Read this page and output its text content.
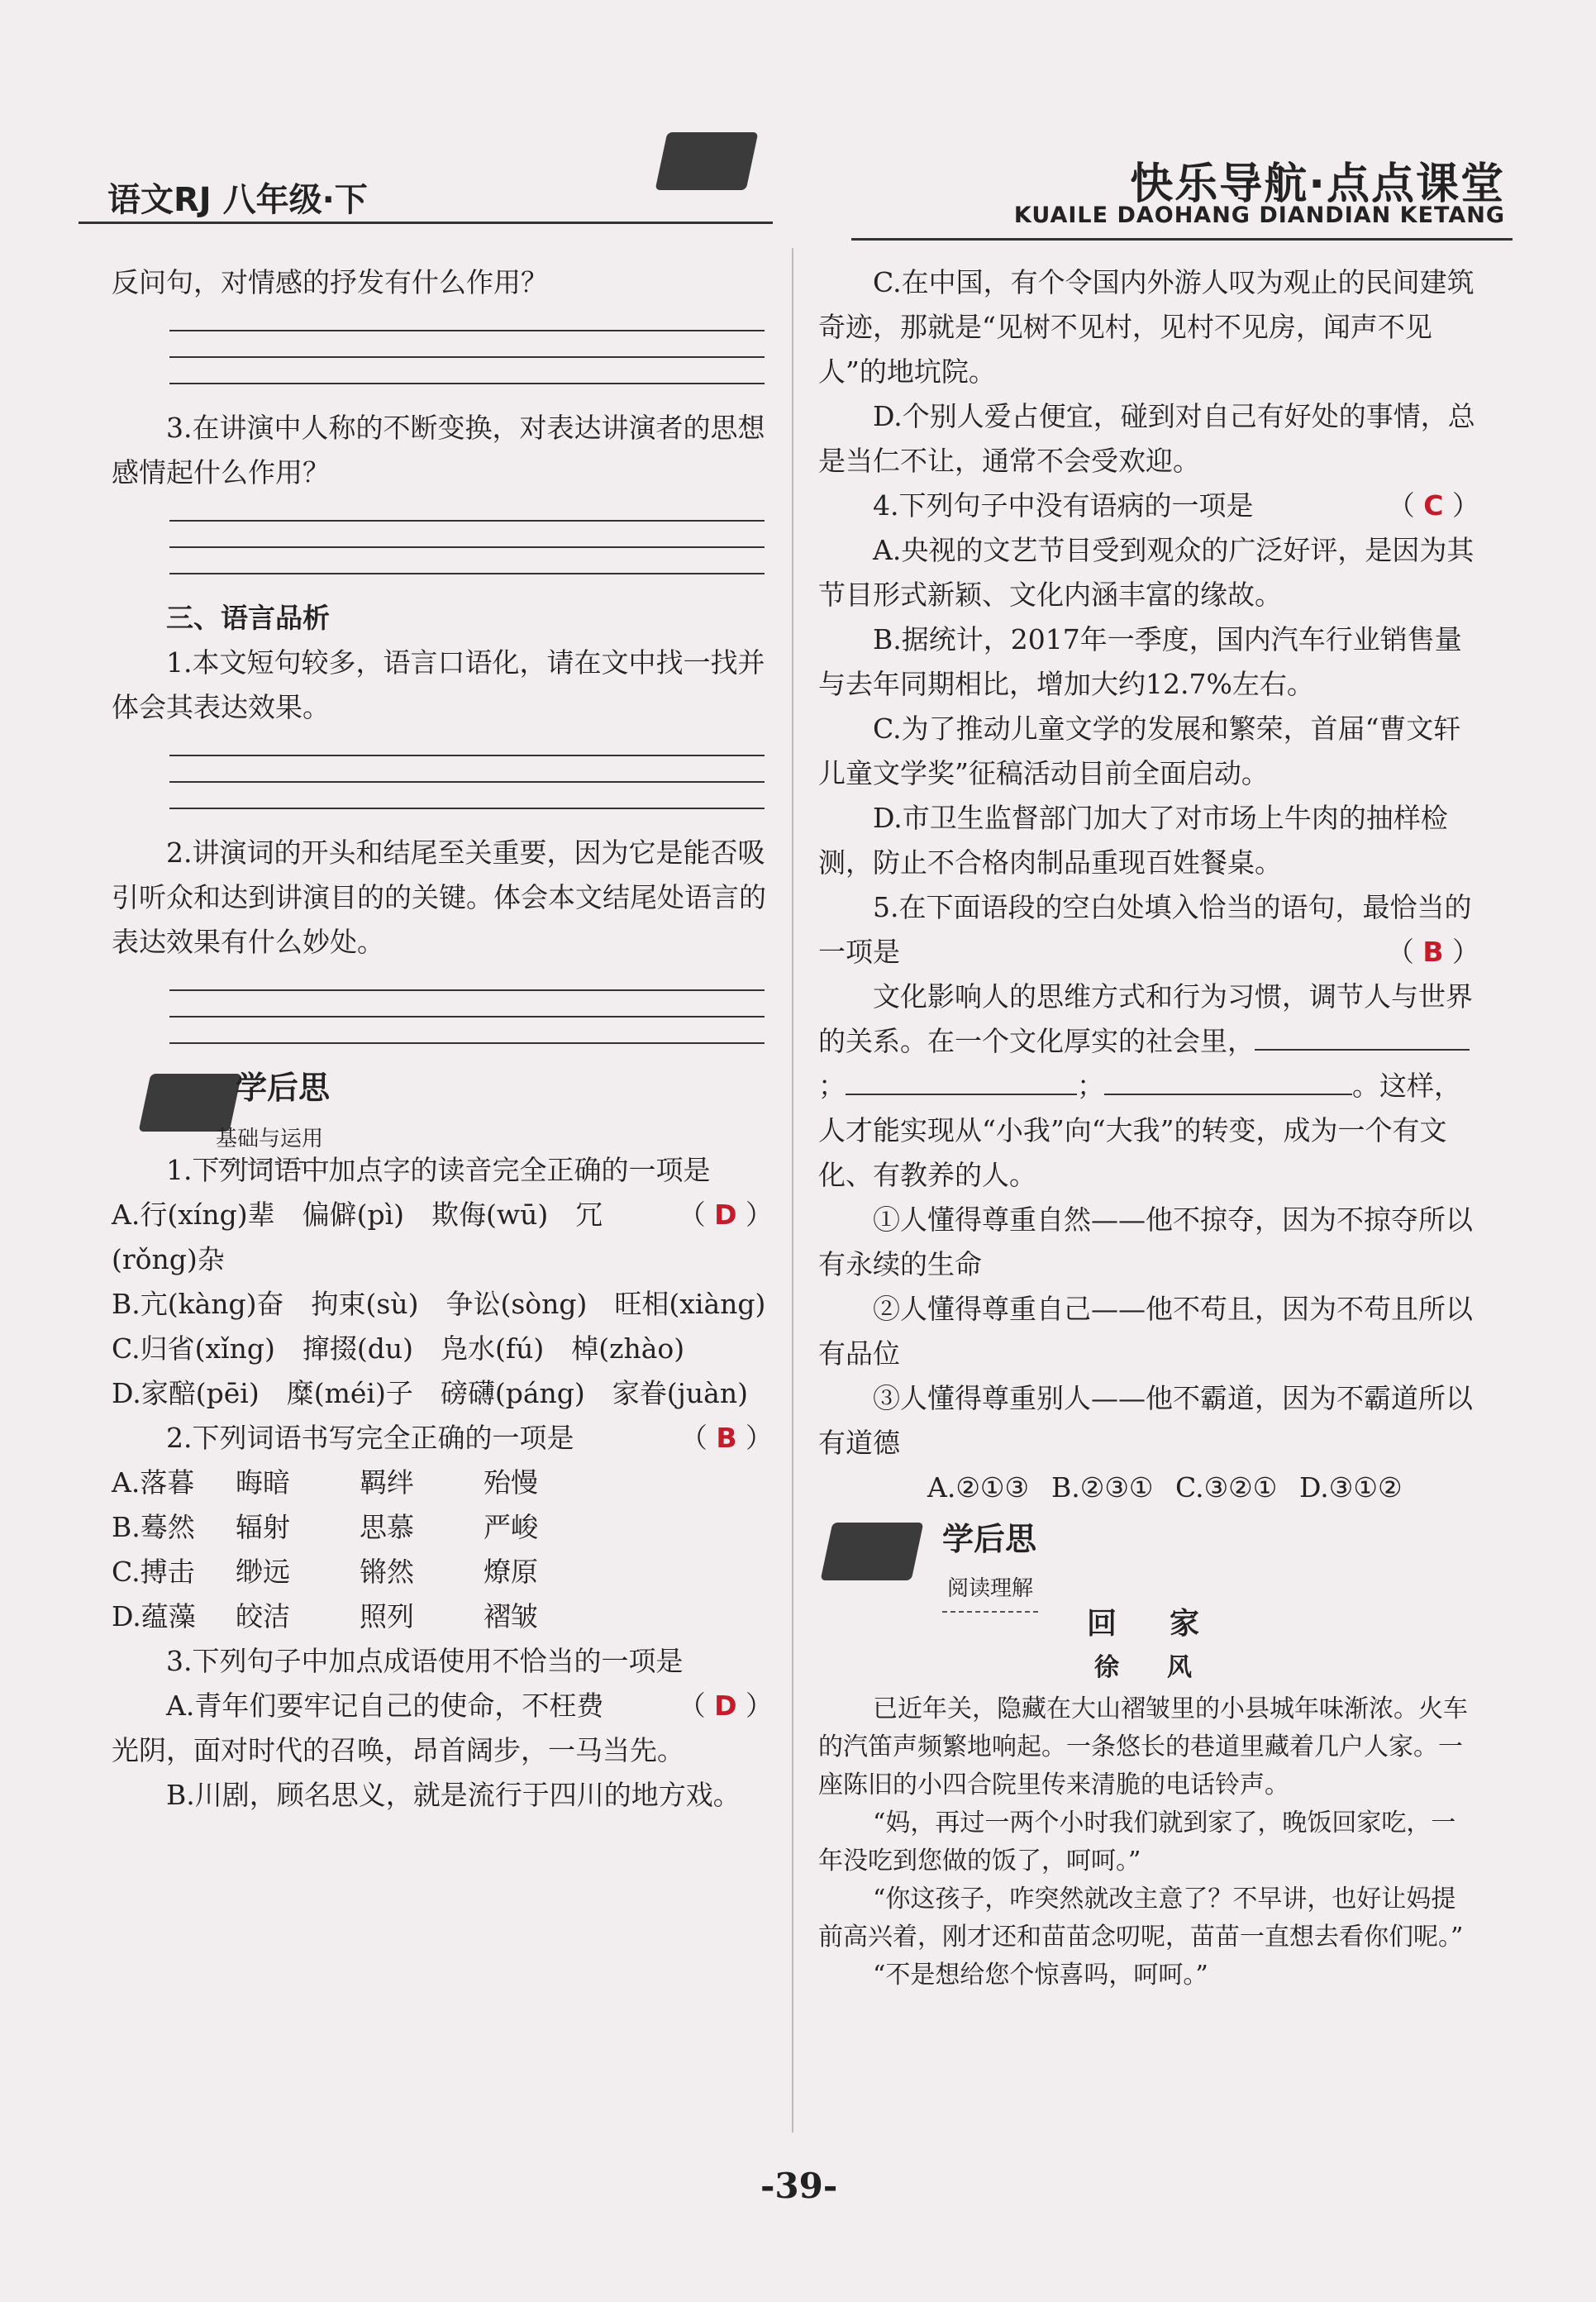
语文RJ 八年级·下	快乐导航·点点课堂
KUAILE DAOHANG DIANDIAN KETANG

反问句，对情感的抒发有什么作用？

3.在讲演中人称的不断变换，对表达讲演者的思想感情起什么作用？

三、语言品析

1.本文短句较多，语言口语化，请在文中找一找并体会其表达效果。

2.讲演词的开头和结尾至关重要，因为它是能否吸引听众和达到讲演目的的关键。体会本文结尾处语言的表达效果有什么妙处。

学后思
基础与运用

1.下列词语中加点字的读音完全正确的一项是
（ D ）

A.行(xíng)辈　偏僻(pì)　欺侮(wū)　冗(rǒng)杂

B.亢(kàng)奋　拘束(sù)　争讼(sòng)　旺相(xiàng)

C.归省(xǐng)　撺掇(du)　凫水(fú)　棹(zhào)

D.家醅(pēi)　糜(méi)子　磅礴(páng)　家眷(juàn)

2.下列词语书写完全正确的一项是	（ B ）

A.落暮 晦暗	羁绊	殆慢

B.蓦然 辐射	思慕	严峻

C.搏击 缈远	锵然	燎原

D.蕴藻 皎洁	照列	褶皱

3.下列句子中加点成语使用不恰当的一项是
（ D ）

A.青年们要牢记自己的使命，不枉费光阴，面对时代的召唤，昂首阔步，一马当先。

B.川剧，顾名思义，就是流行于四川的地方戏。

C.在中国，有个令国内外游人叹为观止的民间建筑奇迹，那就是“见树不见村，见村不见房，闻声不见人”的地坑院。

D.个别人爱占便宜，碰到对自己有好处的事情，总是当仁不让，通常不会受欢迎。

4.下列句子中没有语病的一项是	（ C ）

A.央视的文艺节目受到观众的广泛好评，是因为其节目形式新颖、文化内涵丰富的缘故。

B.据统计，2017年一季度，国内汽车行业销售量与去年同期相比，增加大约12.7%左右。

C.为了推动儿童文学的发展和繁荣，首届“曹文轩儿童文学奖”征稿活动目前全面启动。

D.市卫生监督部门加大了对市场上牛肉的抽样检测，防止不合格肉制品重现百姓餐桌。

5.在下面语段的空白处填入恰当的语句，最恰当的一项是	（ B ）

文化影响人的思维方式和行为习惯，调节人与世界的关系。在一个文化厚实的社会里，；	；	。这样，人才能实现从“小我”向“大我”的转变，成为一个有文化、有教养的人。

①人懂得尊重自然——他不掠夺，因为不掠夺所以有永续的生命

②人懂得尊重自己——他不苟且，因为不苟且所以有品位

③人懂得尊重别人——他不霸道，因为不霸道所以有道德

A.②①③ B.②③① C.③②① D.③①②

学后思
阅读理解
回　家
徐　风

已近年关，隐藏在大山褶皱里的小县城年味渐浓。火车的汽笛声频繁地响起。一条悠长的巷道里藏着几户人家。一座陈旧的小四合院里传来清脆的电话铃声。

“妈，再过一两个小时我们就到家了，晚饭回家吃，一年没吃到您做的饭了，呵呵。”

“你这孩子，咋突然就改主意了？不早讲，也好让妈提前高兴着，刚才还和苗苗念叨呢，苗苗一直想去看你们呢。”

“不是想给您个惊喜吗，呵呵。”

-39-
